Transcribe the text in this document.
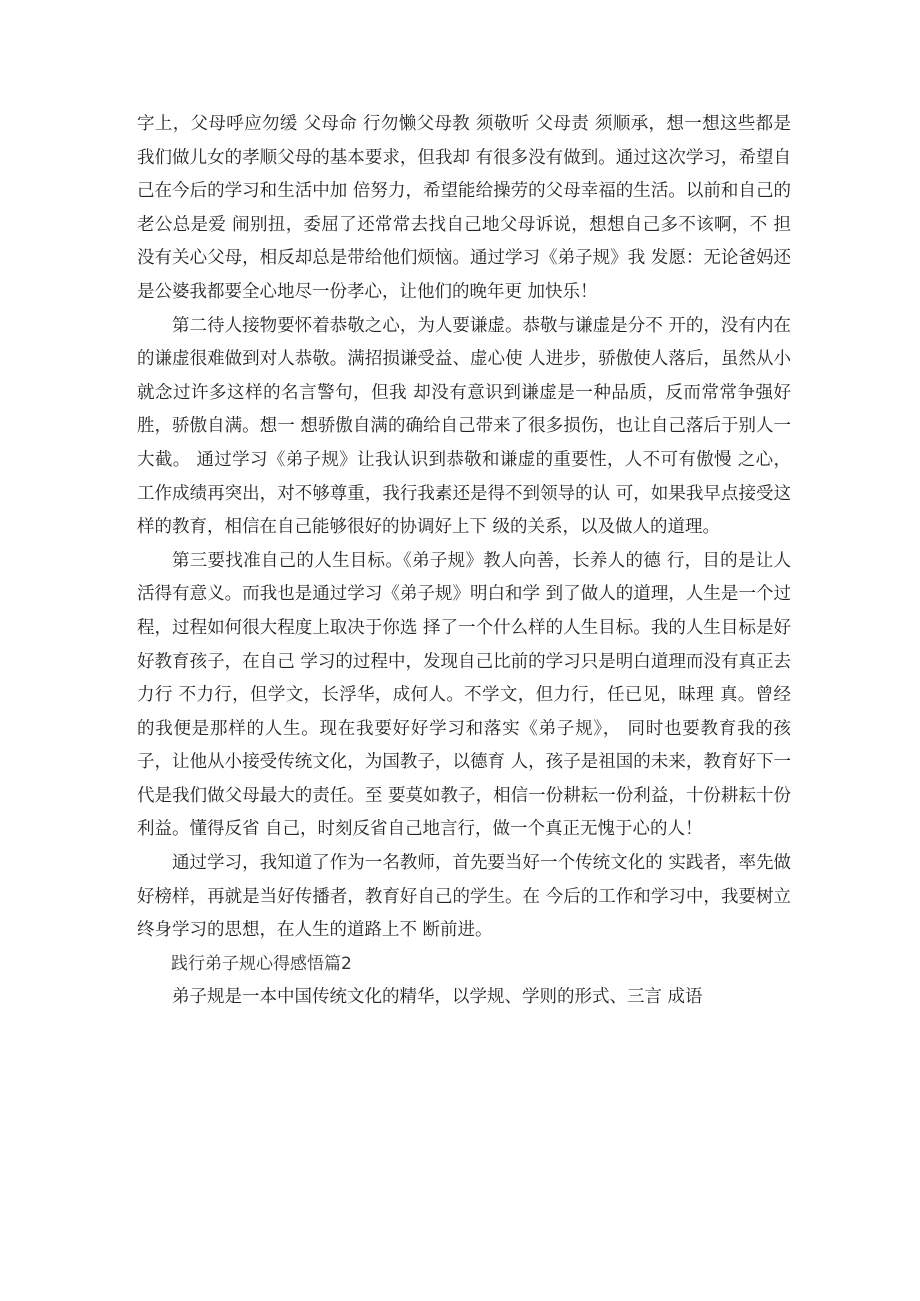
字上，父母呼应勿缓 父母命 行勿懒父母教 须敬听 父母责 须顺承，想一想这些都是我们做儿女的孝顺父母的基本要求，但我却 有很多没有做到。通过这次学习，希望自己在今后的学习和生活中加 倍努力，希望能给操劳的父母幸福的生活。以前和自己的老公总是爱 闹别扭，委屈了还常常去找自己地父母诉说，想想自己多不该啊，不 担没有关心父母，相反却总是带给他们烦恼。通过学习《弟子规》我 发愿：无论爸妈还是公婆我都要全心地尽一份孝心，让他们的晚年更 加快乐！

第二待人接物要怀着恭敬之心，为人要谦虚。恭敬与谦虚是分不 开的，没有内在的谦虚很难做到对人恭敬。满招损谦受益、虚心使 人进步，骄傲使人落后，虽然从小就念过许多这样的名言警句，但我 却没有意识到谦虚是一种品质，反而常常争强好胜，骄傲自满。想一 想骄傲自满的确给自己带来了很多损伤，也让自己落后于别人一大截。 通过学习《弟子规》让我认识到恭敬和谦虚的重要性，人不可有傲慢 之心，工作成绩再突出，对不够尊重，我行我素还是得不到领导的认 可，如果我早点接受这样的教育，相信在自己能够很好的协调好上下 级的关系，以及做人的道理。

第三要找准自己的人生目标。《弟子规》教人向善，长养人的德 行，目的是让人活得有意义。而我也是通过学习《弟子规》明白和学 到了做人的道理，人生是一个过程，过程如何很大程度上取决于你选 择了一个什么样的人生目标。我的人生目标是好好教育孩子，在自己 学习的过程中，发现自己比前的学习只是明白道理而没有真正去力行 不力行，但学文，长浮华，成何人。不学文，但力行，任已见，昧理 真。曾经的我便是那样的人生。现在我要好好学习和落实《弟子规》， 同时也要教育我的孩子，让他从小接受传统文化，为国教子，以德育 人，孩子是祖国的未来，教育好下一代是我们做父母最大的责任。至 要莫如教子，相信一份耕耘一份利益，十份耕耘十份利益。懂得反省 自己，时刻反省自己地言行，做一个真正无愧于心的人！

通过学习，我知道了作为一名教师，首先要当好一个传统文化的 实践者，率先做好榜样，再就是当好传播者，教育好自己的学生。在 今后的工作和学习中，我要树立终身学习的思想，在人生的道路上不 断前进。

践行弟子规心得感悟篇2

弟子规是一本中国传统文化的精华，以学规、学则的形式、三言 成语
